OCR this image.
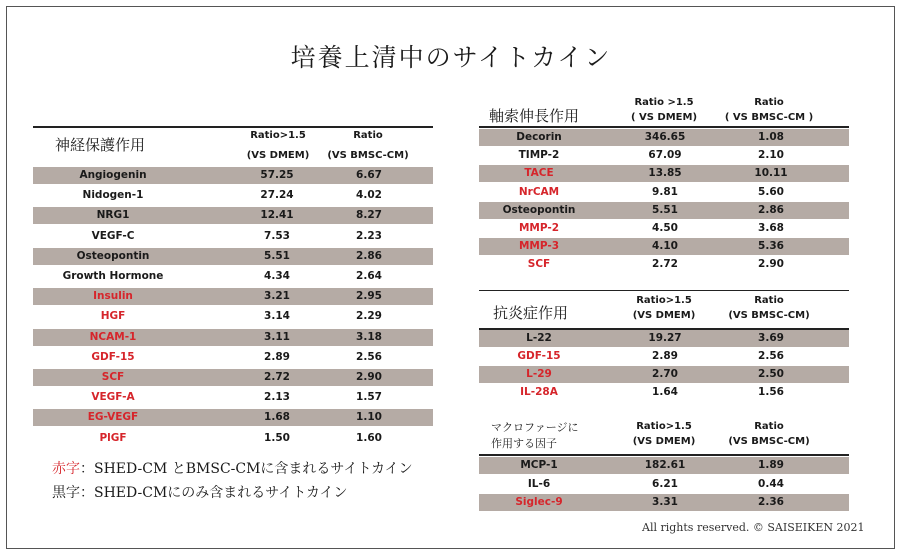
培養上清中のサイトカイン
神経保護作用
Ratio>1.5
(VS DMEM)
Ratio
(VS BMSC-CM)
Angiogenin	57.25	6.67
Nidogen-1	27.24	4.02
NRG1	12.41	8.27
VEGF-C	7.53	2.23
Osteopontin	5.51	2.86
Growth Hormone	4.34	2.64
Insulin	3.21	2.95
HGF	3.14	2.29
NCAM-1	3.11	3.18
GDF-15	2.89	2.56
SCF	2.72	2.90
VEGF-A	2.13	1.57
EG-VEGF	1.68	1.10
PlGF	1.50	1.60
軸索伸長作用
Ratio >1.5
( VS DMEM)
Ratio
( VS BMSC-CM )
Decorin	346.65	1.08
TIMP-2	67.09	2.10
TACE	13.85	10.11
NrCAM	9.81	5.60
Osteopontin	5.51	2.86
MMP-2	4.50	3.68
MMP-3	4.10	5.36
SCF	2.72	2.90
抗炎症作用
Ratio>1.5
(VS DMEM)
Ratio
(VS BMSC-CM)
L-22	19.27	3.69
GDF-15	2.89	2.56
L-29	2.70	2.50
IL-28A	1.64	1.56
マクロファージに
作用する因子
Ratio>1.5
(VS DMEM)
Ratio
(VS BMSC-CM)
MCP-1	182.61	1.89
IL-6	6.21	0.44
Siglec-9	3.31	2.36
赤字：SHED-CM とBMSC-CMに含まれるサイトカイン
黒字：SHED-CMにのみ含まれるサイトカイン
All rights reserved. © SAISEIKEN 2021
